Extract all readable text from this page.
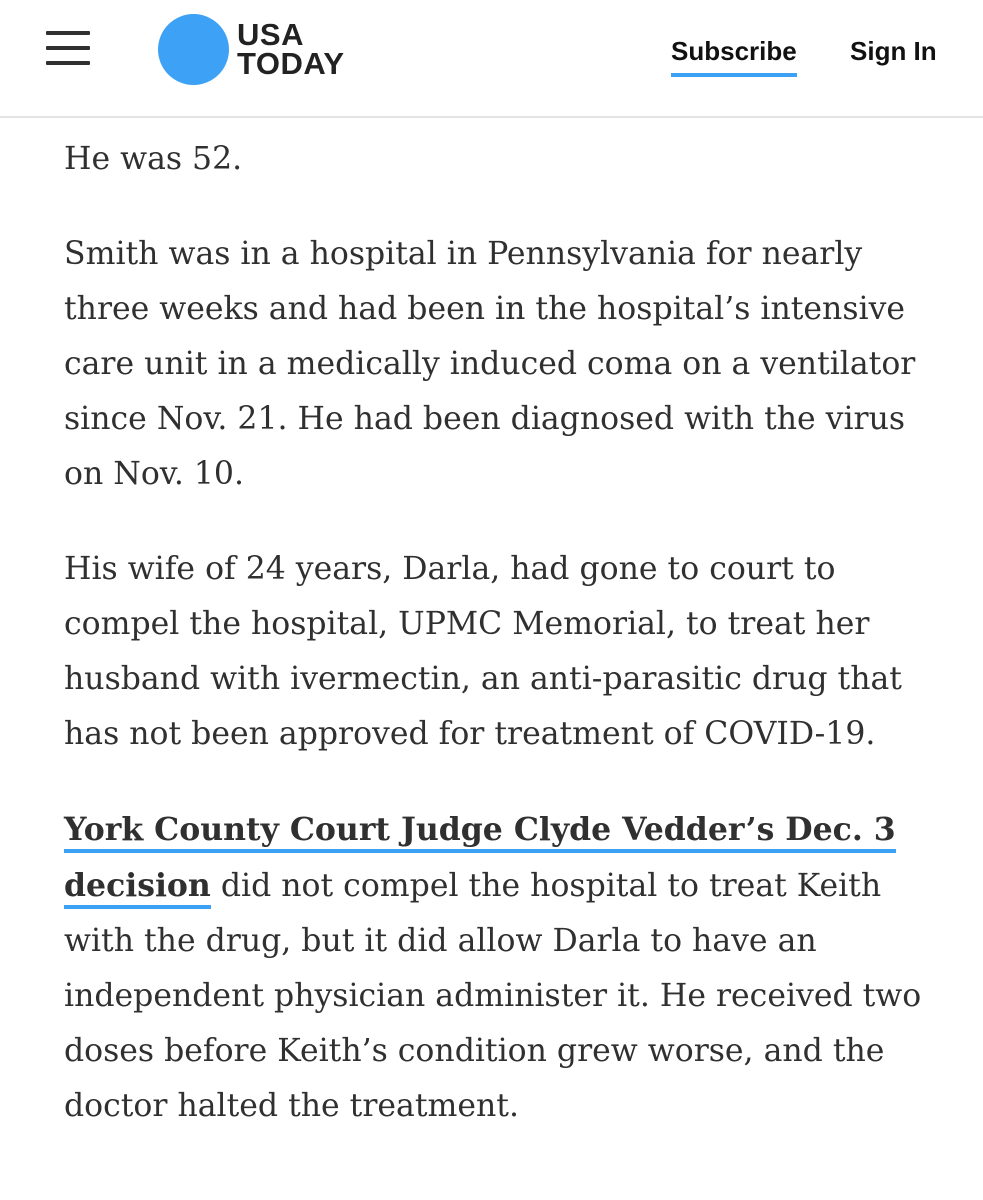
USA
TODAY	Subscribe Sign In

He was 52.

Smith was in a hospital in Pennsylvania for nearly three weeks and had been in the hospital’s intensive care unit in a medically induced coma on a ventilator since Nov. 21. He had been diagnosed with the virus on Nov. 10.

His wife of 24 years, Darla, had gone to court to compel the hospital, UPMC Memorial, to treat her husband with ivermectin, an anti-parasitic drug that has not been approved for treatment of COVID-19.

York County Court Judge Clyde Vedder’s Dec. 3 decision did not compel the hospital to treat Keith with the drug, but it did allow Darla to have an independent physician administer it. He received two doses before Keith’s condition grew worse, and the doctor halted the treatment.
